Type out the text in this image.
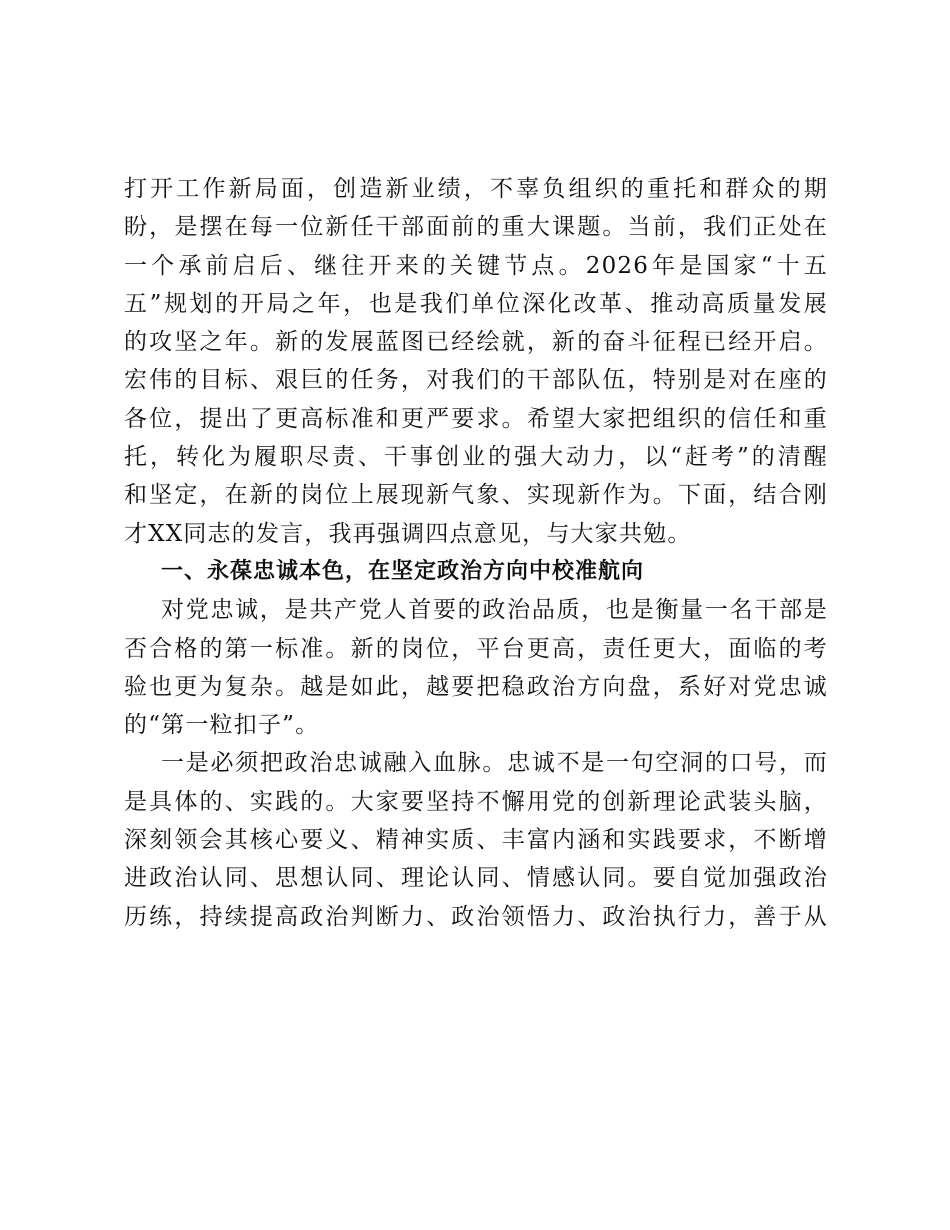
打开工作新局面，创造新业绩，不辜负组织的重托和群众的期
盼，是摆在每一位新任干部面前的重大课题。当前，我们正处在
一个承前启后、继往开来的关键节点。2026年是国家“十五
五”规划的开局之年，也是我们单位深化改革、推动高质量发展
的攻坚之年。新的发展蓝图已经绘就，新的奋斗征程已经开启。
宏伟的目标、艰巨的任务，对我们的干部队伍，特别是对在座的
各位，提出了更高标准和更严要求。希望大家把组织的信任和重
托，转化为履职尽责、干事创业的强大动力，以“赶考”的清醒
和坚定，在新的岗位上展现新气象、实现新作为。下面，结合刚
才XX同志的发言，我再强调四点意见，与大家共勉。
一、永葆忠诚本色，在坚定政治方向中校准航向
对党忠诚，是共产党人首要的政治品质，也是衡量一名干部是
否合格的第一标准。新的岗位，平台更高，责任更大，面临的考
验也更为复杂。越是如此，越要把稳政治方向盘，系好对党忠诚
的“第一粒扣子”。
一是必须把政治忠诚融入血脉。忠诚不是一句空洞的口号，而
是具体的、实践的。大家要坚持不懈用党的创新理论武装头脑，
深刻领会其核心要义、精神实质、丰富内涵和实践要求，不断增
进政治认同、思想认同、理论认同、情感认同。要自觉加强政治
历练，持续提高政治判断力、政治领悟力、政治执行力，善于从
